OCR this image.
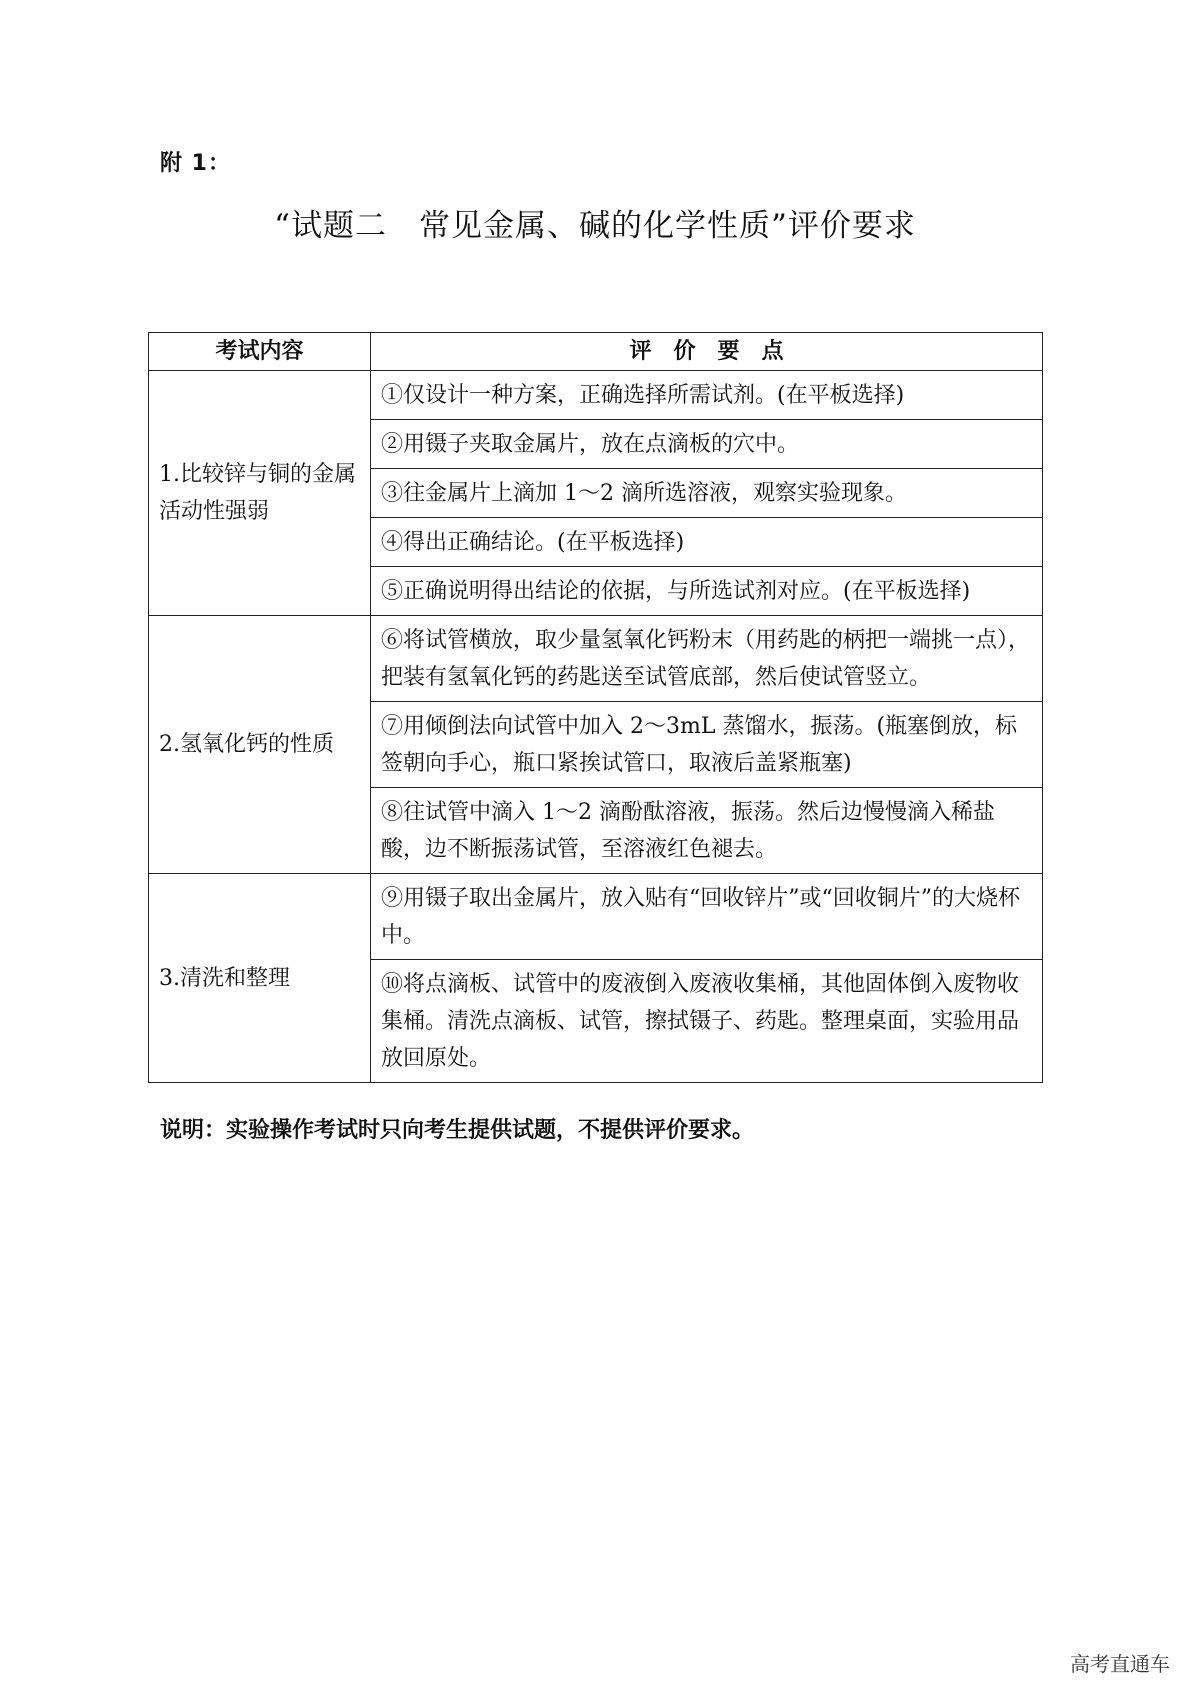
附 1：
“试题二　常见金属、碱的化学性质”评价要求
考试内容	评　价　要　点
1.比较锌与铜的金属活动性强弱	①仅设计一种方案，正确选择所需试剂。(在平板选择)
	②用镊子夹取金属片，放在点滴板的穴中。
	③往金属片上滴加 1～2 滴所选溶液，观察实验现象。
	④得出正确结论。(在平板选择)
	⑤正确说明得出结论的依据，与所选试剂对应。(在平板选择)
2.氢氧化钙的性质	⑥将试管横放，取少量氢氧化钙粉末（用药匙的柄把一端挑一点），把装有氢氧化钙的药匙送至试管底部，然后使试管竖立。
	⑦用倾倒法向试管中加入 2～3mL 蒸馏水，振荡。(瓶塞倒放，标签朝向手心，瓶口紧挨试管口，取液后盖紧瓶塞)
	⑧往试管中滴入 1～2 滴酚酞溶液，振荡。然后边慢慢滴入稀盐酸，边不断振荡试管，至溶液红色褪去。
3.清洗和整理	⑨用镊子取出金属片，放入贴有“回收锌片”或“回收铜片”的大烧杯中。
	⑩将点滴板、试管中的废液倒入废液收集桶，其他固体倒入废物收集桶。清洗点滴板、试管，擦拭镊子、药匙。整理桌面，实验用品放回原处。
说明：实验操作考试时只向考生提供试题，不提供评价要求。
高考直通车
